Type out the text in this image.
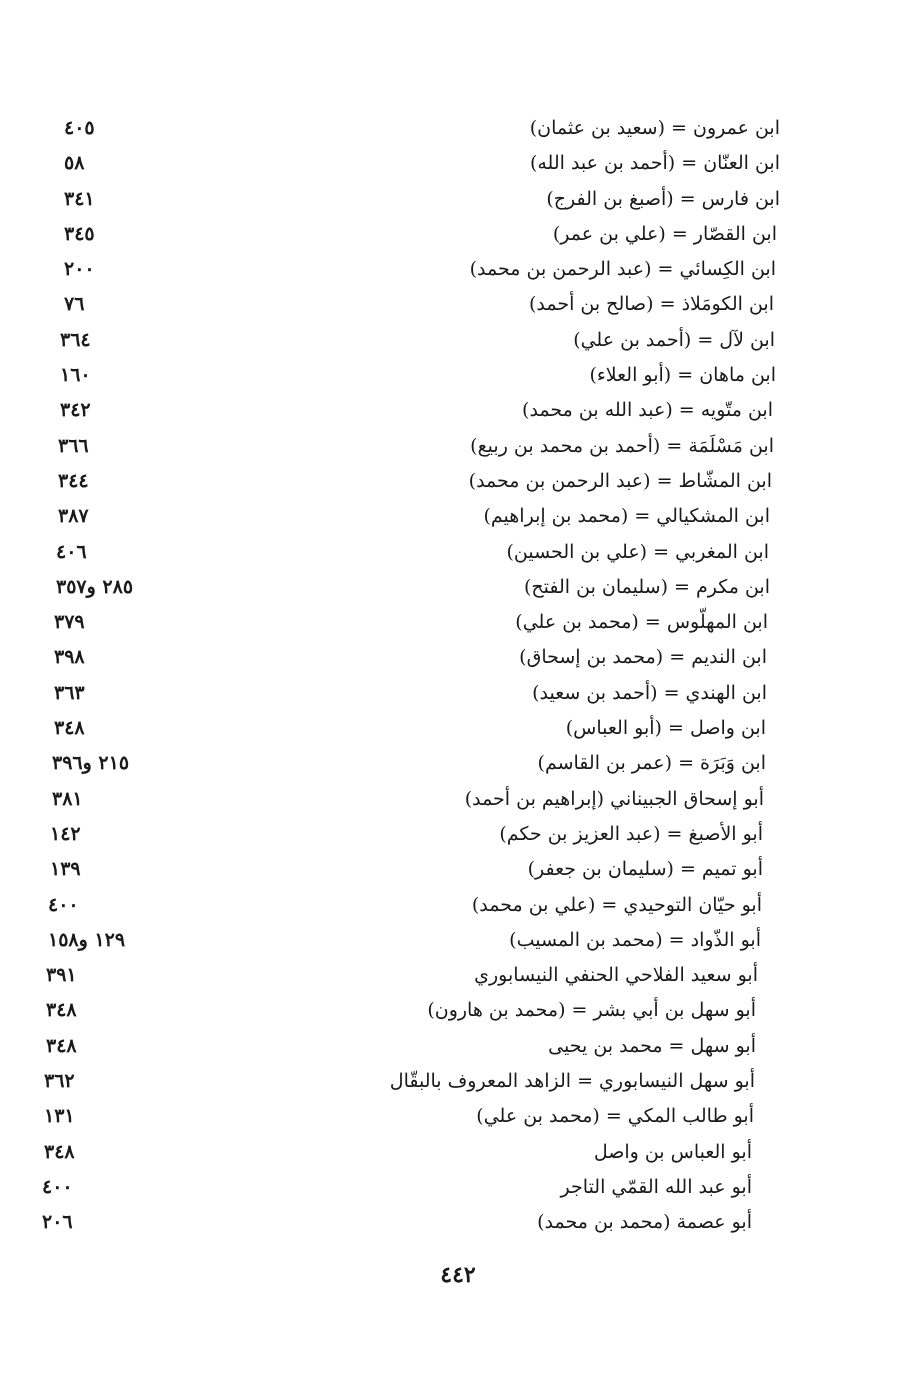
٤٠٥	ابن عمرون = (سعيد بن عثمان)
٥٨	ابن العنّان = (أحمد بن عبد الله)
٣٤١	ابن فارس = (أصبغ بن الفرج)
٣٤٥	ابن القصّار = (علي بن عمر)
٢٠٠	ابن الكِسائي = (عبد الرحمن بن محمد)
٧٦	ابن الكومَلاذ = (صالح بن أحمد)
٣٦٤	ابن لآل = (أحمد بن علي)
١٦٠	ابن ماهان = (أبو العلاء)
٣٤٢	ابن متّويه = (عبد الله بن محمد)
٣٦٦	ابن مَسْلَمَة = (أحمد بن محمد بن ربيع)
٣٤٤	ابن المشّاط = (عبد الرحمن بن محمد)
٣٨٧	ابن المشكيالي = (محمد بن إبراهيم)
٤٠٦	ابن المغربي = (علي بن الحسين)
٢٨٥ و٣٥٧	ابن مكرم = (سليمان بن الفتح)
٣٧٩	ابن المهلّوس = (محمد بن علي)
٣٩٨	ابن النديم = (محمد بن إسحاق)
٣٦٣	ابن الهندي = (أحمد بن سعيد)
٣٤٨	ابن واصل = (أبو العباس)
٢١٥ و٣٩٦	ابن وَبَرَة = (عمر بن القاسم)
٣٨١	أبو إسحاق الجبيناني (إبراهيم بن أحمد)
١٤٢	أبو الأصبغ = (عبد العزيز بن حكم)
١٣٩	أبو تميم = (سليمان بن جعفر)
٤٠٠	أبو حيّان التوحيدي = (علي بن محمد)
١٢٩ و١٥٨	أبو الذّواد = (محمد بن المسيب)
٣٩١	أبو سعيد الفلاحي الحنفي النيسابوري
٣٤٨	أبو سهل بن أبي بشر = (محمد بن هارون)
٣٤٨	أبو سهل = محمد بن يحيى
٣٦٢	أبو سهل النيسابوري = الزاهد المعروف بالبقّال
١٣١	أبو طالب المكي = (محمد بن علي)
٣٤٨	أبو العباس بن واصل
٤٠٠	أبو عبد الله القمّي التاجر
٢٠٦	أبو عصمة (محمد بن محمد)
٤٤٢
